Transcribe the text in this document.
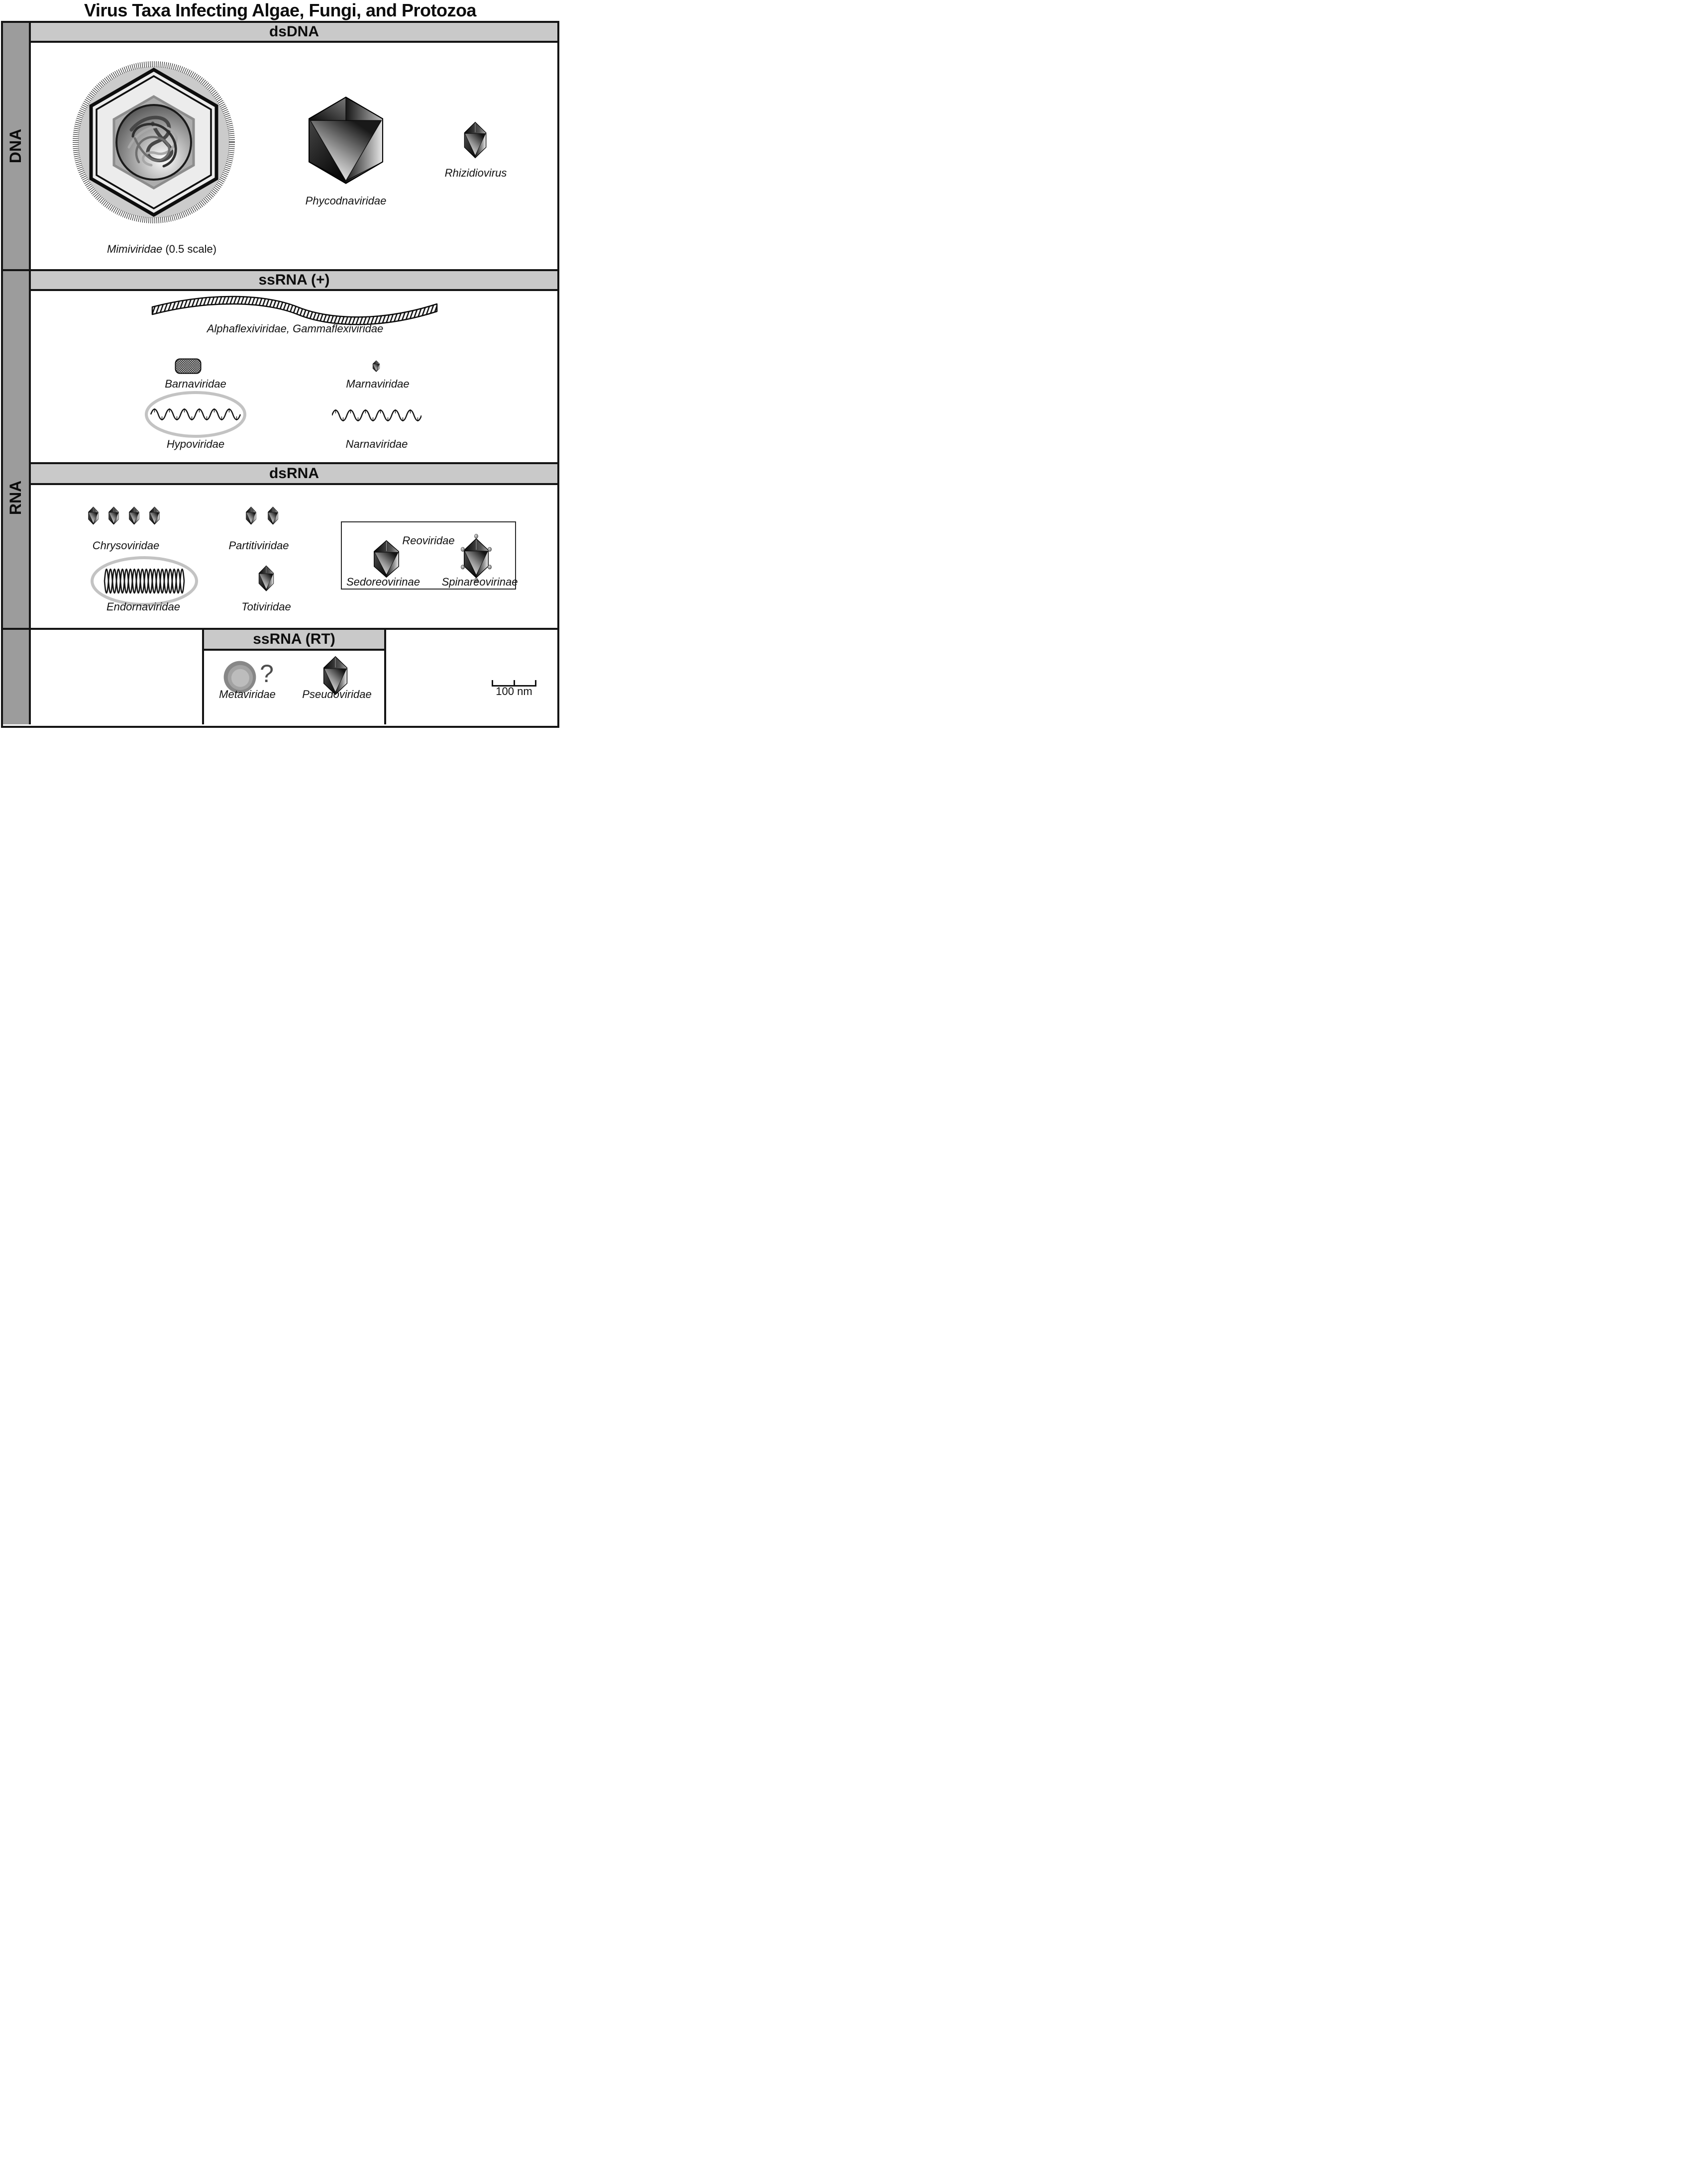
Virus Taxa Infecting Algae, Fungi, and Protozoa
DNA
RNA
dsDNA
ssRNA (+)
dsRNA
Mimiviridae (0.5 scale)
Phycodnaviridae
Rhizidiovirus
Alphaflexiviridae, Gammaflexiviridae
Barnaviridae	Marnaviridae
Hypoviridae	Narnaviridae
Chrysoviridae	Partitiviridae	Reoviridae
Sedoreovirinae Spinareovirinae
Endornaviridae	Totiviridae
ssRNA (RT)
?
Metaviridae Pseudoviridae	100 nm
